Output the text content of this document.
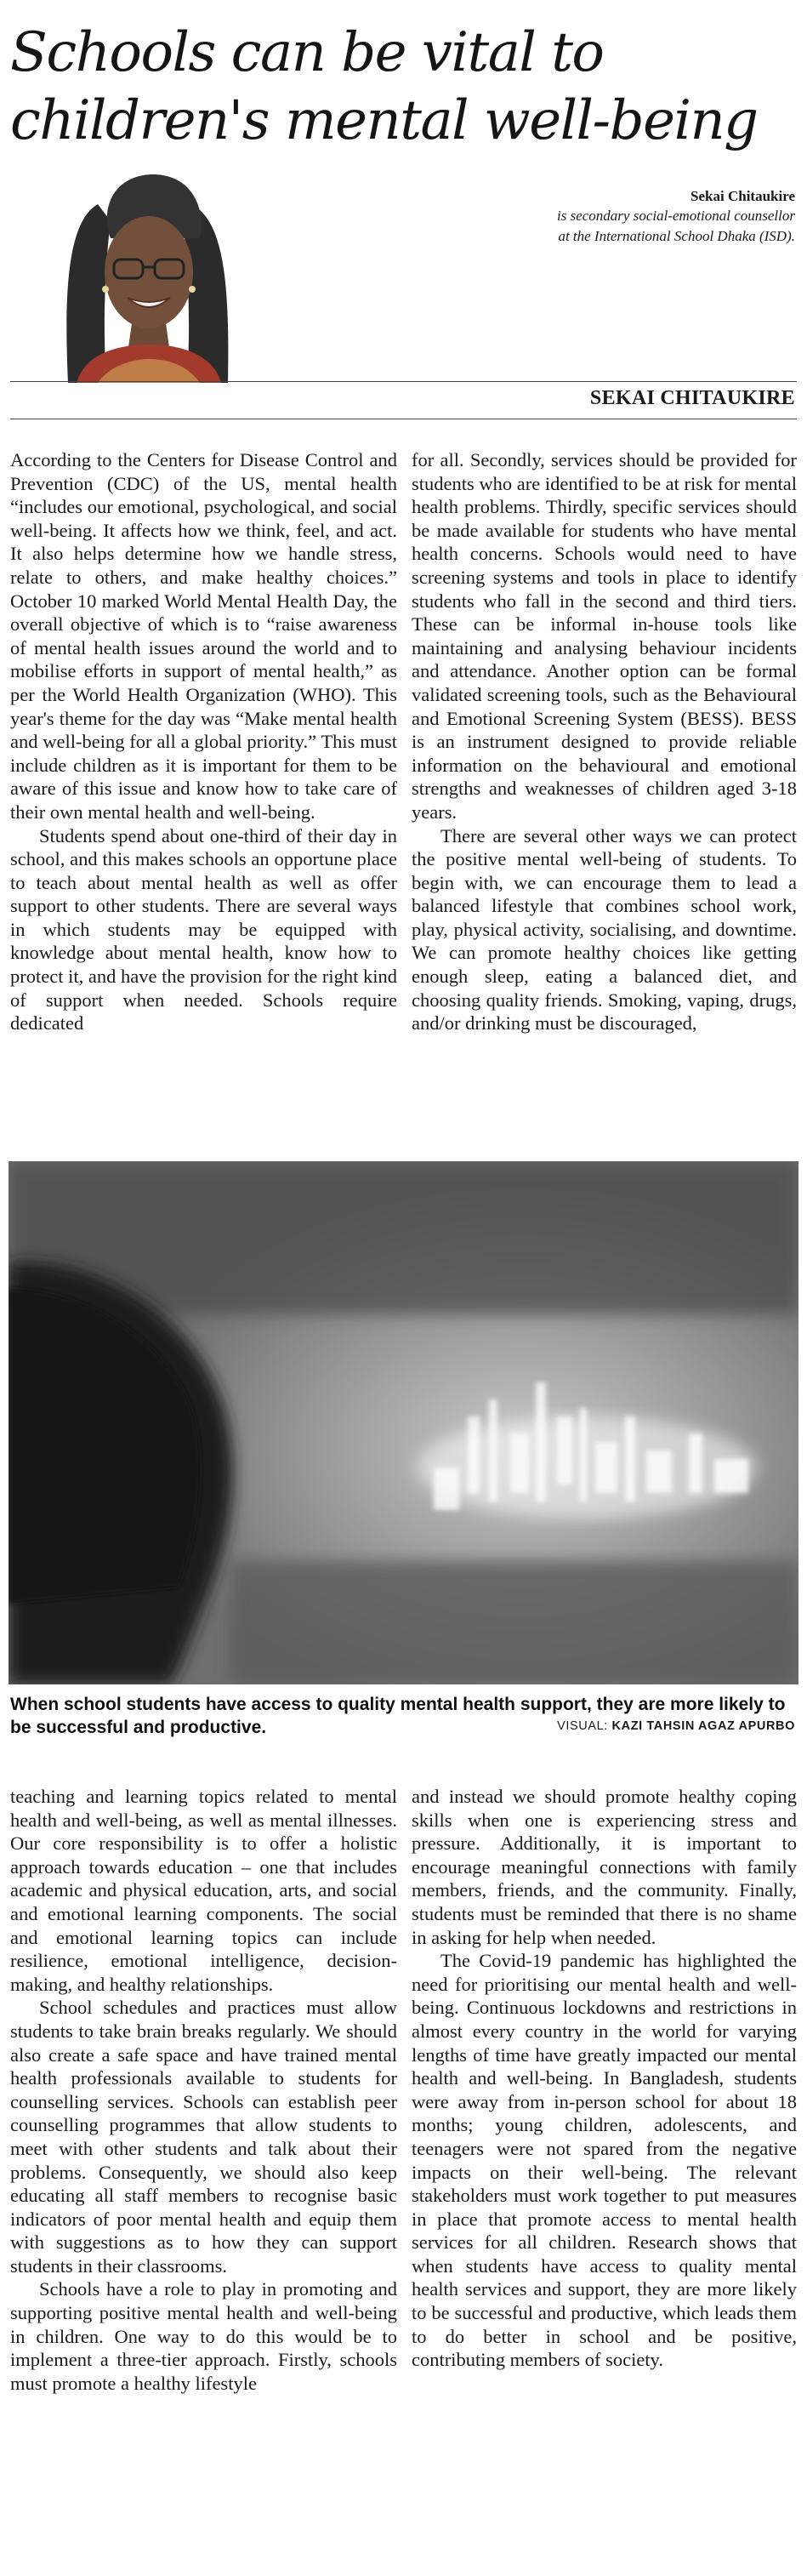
Schools can be vital to children's mental well-being
Sekai Chitaukire
is secondary social-emotional counsellor at the International School Dhaka (ISD).
SEKAI CHITAUKIRE

According to the Centers for Disease Control and Prevention (CDC) of the US, mental health “includes our emotional, psychological, and social well-being. It affects how we think, feel, and act. It also helps determine how we handle stress, relate to others, and make healthy choices.” October 10 marked World Mental Health Day, the overall objective of which is to “raise awareness of mental health issues around the world and to mobilise efforts in support of mental health,” as per the World Health Organization (WHO). This year's theme for the day was “Make mental health and well-being for all a global priority.” This must include children as it is important for them to be aware of this issue and know how to take care of their own mental health and well-being.

Students spend about one-third of their day in school, and this makes schools an opportune place to teach about mental health as well as offer support to other students. There are several ways in which students may be equipped with knowledge about mental health, know how to protect it, and have the provision for the right kind of support when needed. Schools require dedicated

for all. Secondly, services should be provided for students who are identified to be at risk for mental health problems. Thirdly, specific services should be made available for students who have mental health concerns. Schools would need to have screening systems and tools in place to identify students who fall in the second and third tiers. These can be informal in-house tools like maintaining and analysing behaviour incidents and attendance. Another option can be formal validated screening tools, such as the Behavioural and Emotional Screening System (BESS). BESS is an instrument designed to provide reliable information on the behavioural and emotional strengths and weaknesses of children aged 3-18 years.

There are several other ways we can protect the positive mental well-being of students. To begin with, we can encourage them to lead a balanced lifestyle that combines school work, play, physical activity, socialising, and downtime. We can promote healthy choices like getting enough sleep, eating a balanced diet, and choosing quality friends. Smoking, vaping, drugs, and/or drinking must be discouraged,

When school students have access to quality mental health support, they are more likely to be successful and productive.	VISUAL: KAZI TAHSIN AGAZ APURBO

teaching and learning topics related to mental health and well-being, as well as mental illnesses. Our core responsibility is to offer a holistic approach towards education – one that includes academic and physical education, arts, and social and emotional learning components. The social and emotional learning topics can include resilience, emotional intelligence, decision-making, and healthy relationships.

School schedules and practices must allow students to take brain breaks regularly. We should also create a safe space and have trained mental health professionals available to students for counselling services. Schools can establish peer counselling programmes that allow students to meet with other students and talk about their problems. Consequently, we should also keep educating all staff members to recognise basic indicators of poor mental health and equip them with suggestions as to how they can support students in their classrooms.

Schools have a role to play in promoting and supporting positive mental health and well-being in children. One way to do this would be to implement a three-tier approach. Firstly, schools must promote a healthy lifestyle

and instead we should promote healthy coping skills when one is experiencing stress and pressure. Additionally, it is important to encourage meaningful connections with family members, friends, and the community. Finally, students must be reminded that there is no shame in asking for help when needed.

The Covid-19 pandemic has highlighted the need for prioritising our mental health and well-being. Continuous lockdowns and restrictions in almost every country in the world for varying lengths of time have greatly impacted our mental health and well-being. In Bangladesh, students were away from in-person school for about 18 months; young children, adolescents, and teenagers were not spared from the negative impacts on their well-being. The relevant stakeholders must work together to put measures in place that promote access to mental health services for all children. Research shows that when students have access to quality mental health services and support, they are more likely to be successful and productive, which leads them to do better in school and be positive, contributing members of society.
